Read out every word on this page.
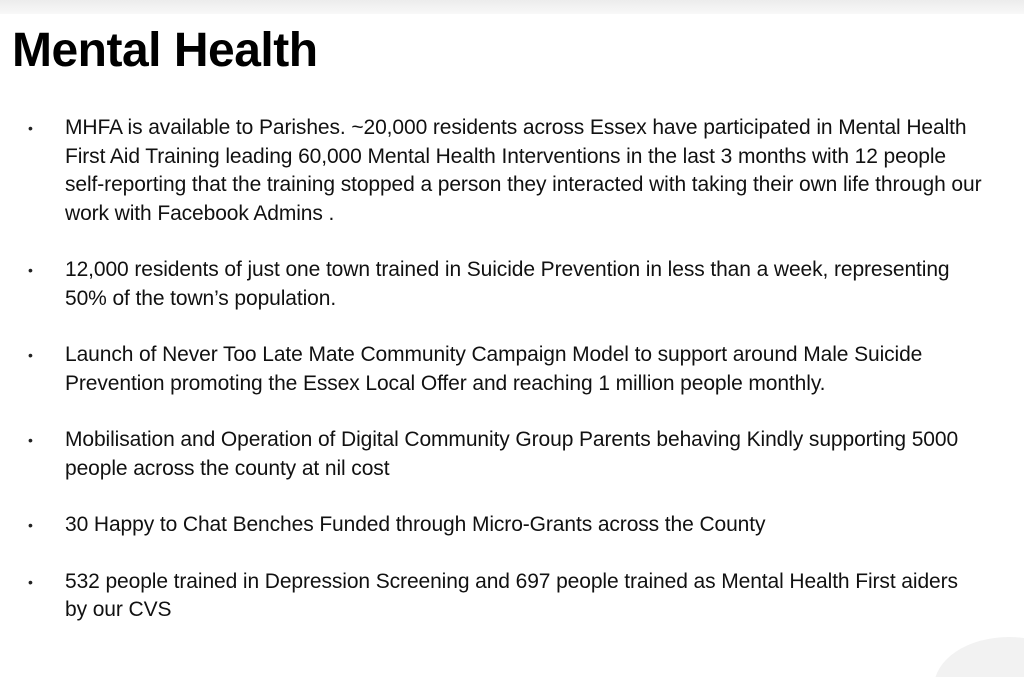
Mental Health
•	MHFA is available to Parishes. ~20,000 residents across Essex have participated in Mental Health First Aid Training leading 60,000 Mental Health Interventions in the last 3 months with 12 people self-reporting that the training stopped a person they interacted with taking their own life through our work with Facebook Admins .
•	12,000 residents of just one town trained in Suicide Prevention in less than a week, representing 50% of the town’s population.
•	Launch of Never Too Late Mate Community Campaign Model to support around Male Suicide Prevention promoting the Essex Local Offer and reaching 1 million people monthly.
•	Mobilisation and Operation of Digital Community Group Parents behaving Kindly supporting 5000 people across the county at nil cost
•	30 Happy to Chat Benches Funded through Micro-Grants across the County
•	532 people trained in Depression Screening and 697 people trained as Mental Health First aiders by our CVS
